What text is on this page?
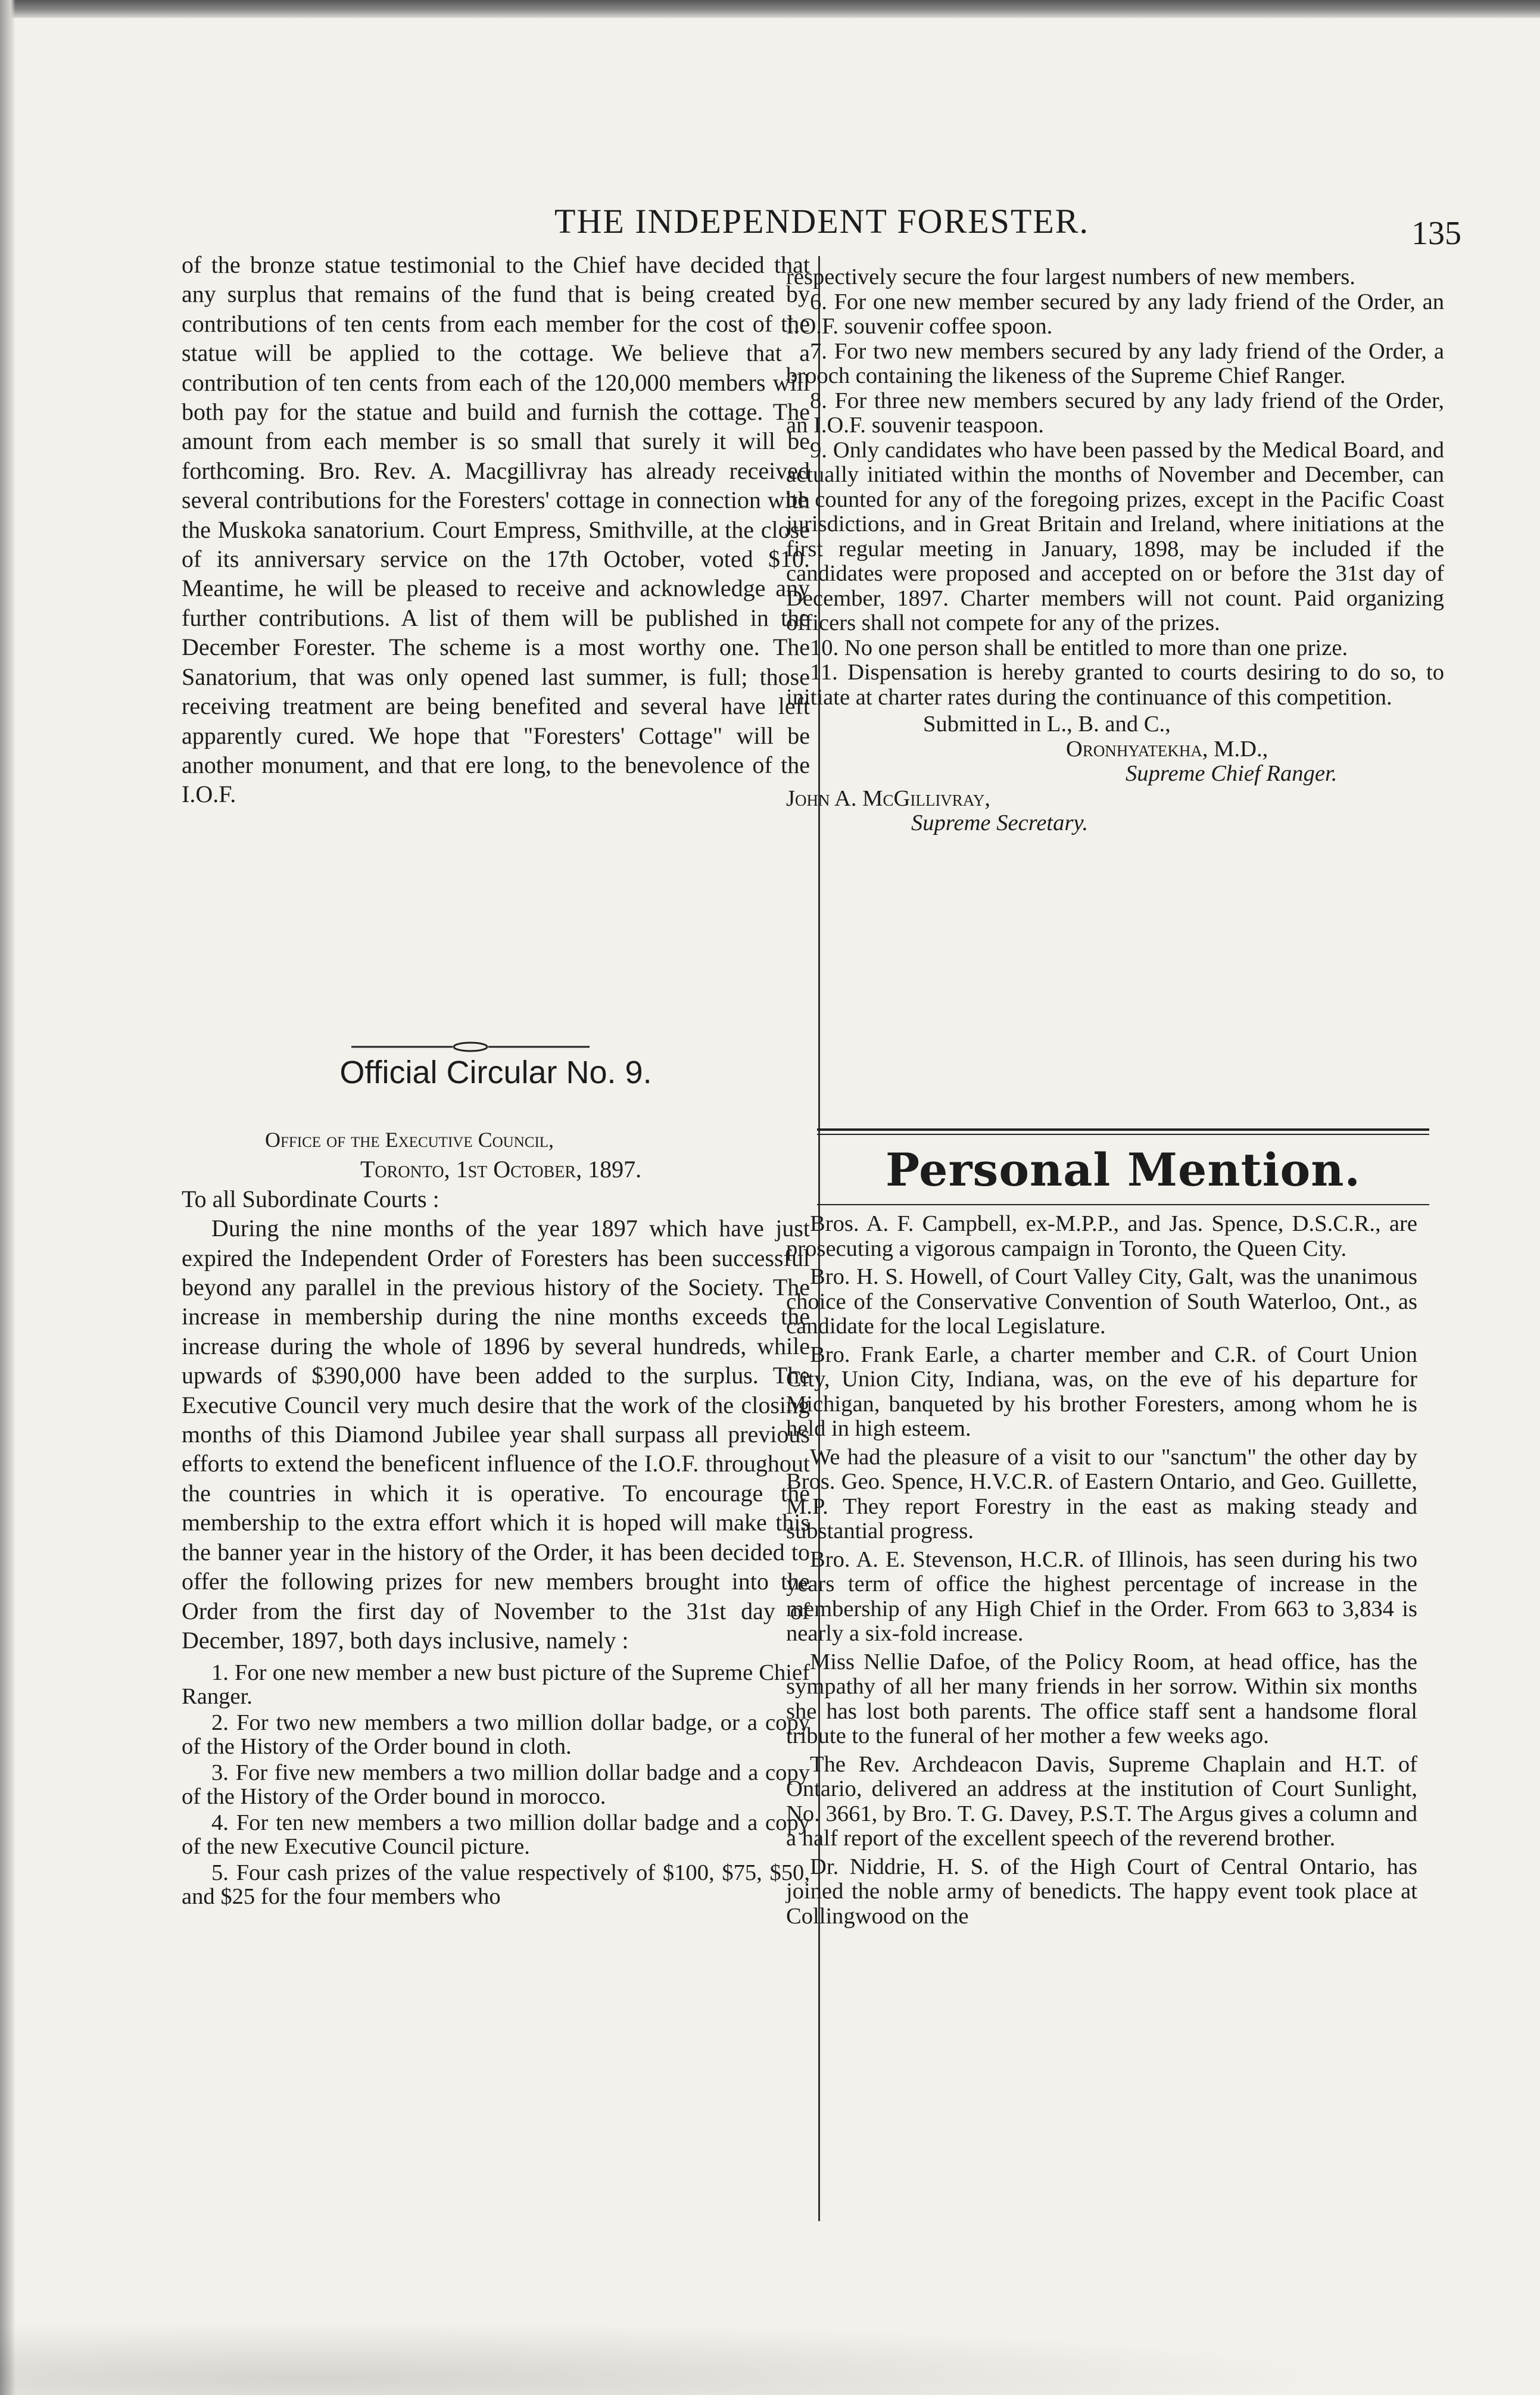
THE INDEPENDENT FORESTER.	135

of the bronze statue testimonial to the Chief have decided that any surplus that remains of the fund that is being created by contributions of ten cents from each member for the cost of the statue will be applied to the cottage. We believe that a contribution of ten cents from each of the 120,000 members will both pay for the statue and build and furnish the cottage. The amount from each member is so small that surely it will be forthcoming. Bro. Rev. A. Macgillivray has already received several contributions for the Foresters' cottage in connection with the Muskoka sanatorium. Court Empress, Smithville, at the close of its anniversary service on the 17th October, voted $10. Meantime, he will be pleased to receive and acknowledge any further contributions. A list of them will be published in the December Forester. The scheme is a most worthy one. The Sanatorium, that was only opened last summer, is full; those receiving treatment are being benefited and several have left apparently cured. We hope that "Foresters' Cottage" will be another monument, and that ere long, to the benevolence of the I.O.F.

Official Circular No. 9.

Office of the Executive Council,

Toronto, 1st October, 1897.

To all Subordinate Courts :

During the nine months of the year 1897 which have just expired the Independent Order of Foresters has been successful beyond any parallel in the previous history of the Society. The increase in membership during the nine months exceeds the increase during the whole of 1896 by several hundreds, while upwards of $390,000 have been added to the surplus. The Executive Council very much desire that the work of the closing months of this Diamond Jubilee year shall surpass all previous efforts to extend the beneficent influence of the I.O.F. throughout the countries in which it is operative. To encourage the membership to the extra effort which it is hoped will make this the banner year in the history of the Order, it has been decided to offer the following prizes for new members brought into the Order from the first day of November to the 31st day of December, 1897, both days inclusive, namely :

1. For one new member a new bust picture of the Supreme Chief Ranger.

2. For two new members a two million dollar badge, or a copy of the History of the Order bound in cloth.

3. For five new members a two million dollar badge and a copy of the History of the Order bound in morocco.

4. For ten new members a two million dollar badge and a copy of the new Executive Council picture.

5. Four cash prizes of the value respectively of $100, $75, $50, and $25 for the four members who

respectively secure the four largest numbers of new members.

6. For one new member secured by any lady friend of the Order, an I.O.F. souvenir coffee spoon.

7. For two new members secured by any lady friend of the Order, a brooch containing the likeness of the Supreme Chief Ranger.

8. For three new members secured by any lady friend of the Order, an I.O.F. souvenir teaspoon.

9. Only candidates who have been passed by the Medical Board, and actually initiated within the months of November and December, can be counted for any of the foregoing prizes, except in the Pacific Coast jurisdictions, and in Great Britain and Ireland, where initiations at the first regular meeting in January, 1898, may be included if the candidates were proposed and accepted on or before the 31st day of December, 1897. Charter members will not count. Paid organizing officers shall not compete for any of the prizes.

10. No one person shall be entitled to more than one prize.

11. Dispensation is hereby granted to courts desiring to do so, to initiate at charter rates during the continuance of this competition.

Submitted in L., B. and C.,

Oronhyatekha, M.D.,

Supreme Chief Ranger.

John A. McGillivray,

Supreme Secretary.

Personal Mention.

Bros. A. F. Campbell, ex-M.P.P., and Jas. Spence, D.S.C.R., are prosecuting a vigorous campaign in Toronto, the Queen City.

Bro. H. S. Howell, of Court Valley City, Galt, was the unanimous choice of the Conservative Convention of South Waterloo, Ont., as candidate for the local Legislature.

Bro. Frank Earle, a charter member and C.R. of Court Union City, Union City, Indiana, was, on the eve of his departure for Michigan, banqueted by his brother Foresters, among whom he is held in high esteem.

We had the pleasure of a visit to our "sanctum" the other day by Bros. Geo. Spence, H.V.C.R. of Eastern Ontario, and Geo. Guillette, M.P. They report Forestry in the east as making steady and substantial progress.

Bro. A. E. Stevenson, H.C.R. of Illinois, has seen during his two years term of office the highest percentage of increase in the membership of any High Chief in the Order. From 663 to 3,834 is nearly a six-fold increase.

Miss Nellie Dafoe, of the Policy Room, at head office, has the sympathy of all her many friends in her sorrow. Within six months she has lost both parents. The office staff sent a handsome floral tribute to the funeral of her mother a few weeks ago.

The Rev. Archdeacon Davis, Supreme Chaplain and H.T. of Ontario, delivered an address at the institution of Court Sunlight, No. 3661, by Bro. T. G. Davey, P.S.T. The Argus gives a column and a half report of the excellent speech of the reverend brother.

Dr. Niddrie, H. S. of the High Court of Central Ontario, has joined the noble army of benedicts. The happy event took place at Collingwood on the
